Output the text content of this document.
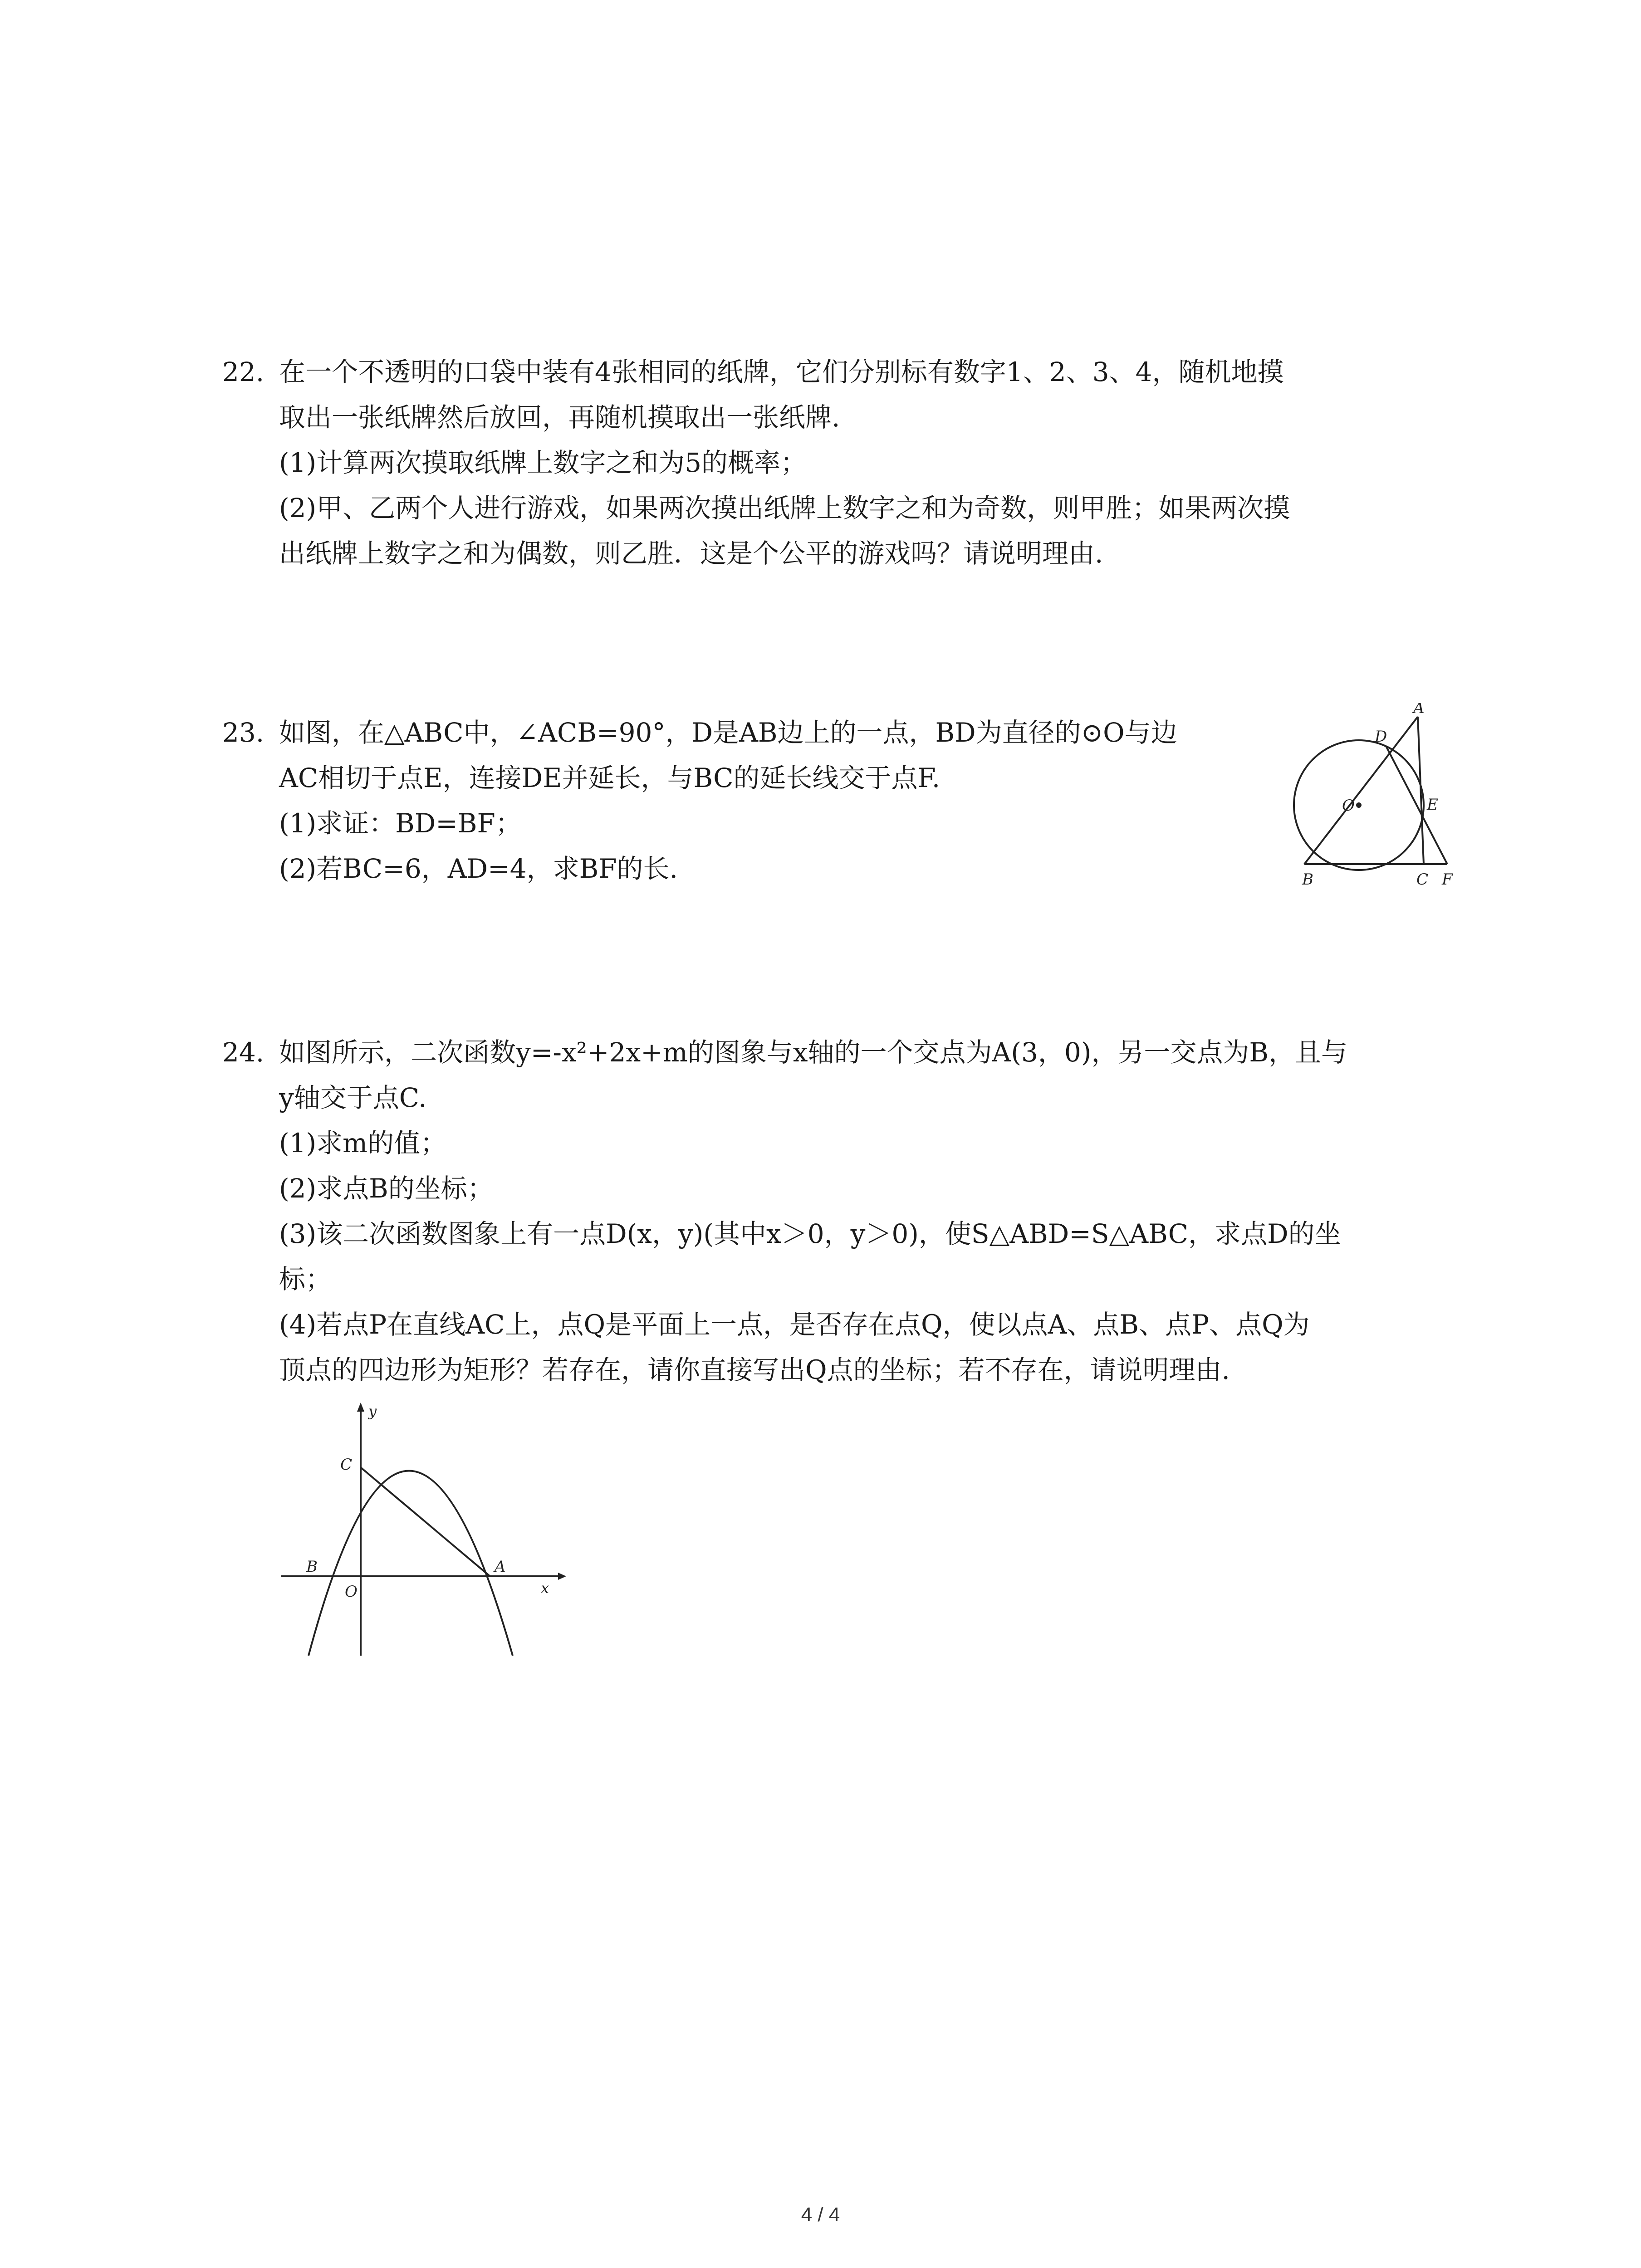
22. 在一个不透明的口袋中装有4张相同的纸牌，它们分别标有数字1、2、3、4，随机地摸
取出一张纸牌然后放回，再随机摸取出一张纸牌.
(1)计算两次摸取纸牌上数字之和为5的概率；
(2)甲、乙两个人进行游戏，如果两次摸出纸牌上数字之和为奇数，则甲胜；如果两次摸
出纸牌上数字之和为偶数，则乙胜．这是个公平的游戏吗？请说明理由.
23. 如图，在△ABC中，∠ACB=90°，D是AB边上的一点，BD为直径的⊙O与边
AC相切于点E，连接DE并延长，与BC的延长线交于点F.
(1)求证：BD=BF；
(2)若BC=6，AD=4，求BF的长.
A
D
O	E
B	C F
24. 如图所示，二次函数y=-x²+2x+m的图象与x轴的一个交点为A(3，0)，另一交点为B，且与
y轴交于点C.
(1)求m的值；
(2)求点B的坐标；
(3)该二次函数图象上有一点D(x，y)(其中x＞0，y＞0)，使S△ABD=S△ABC，求点D的坐
标；
(4)若点P在直线AC上，点Q是平面上一点，是否存在点Q，使以点A、点B、点P、点Q为
顶点的四边形为矩形？若存在，请你直接写出Q点的坐标；若不存在，请说明理由.
y
x
C
B
O
A
4 / 4
